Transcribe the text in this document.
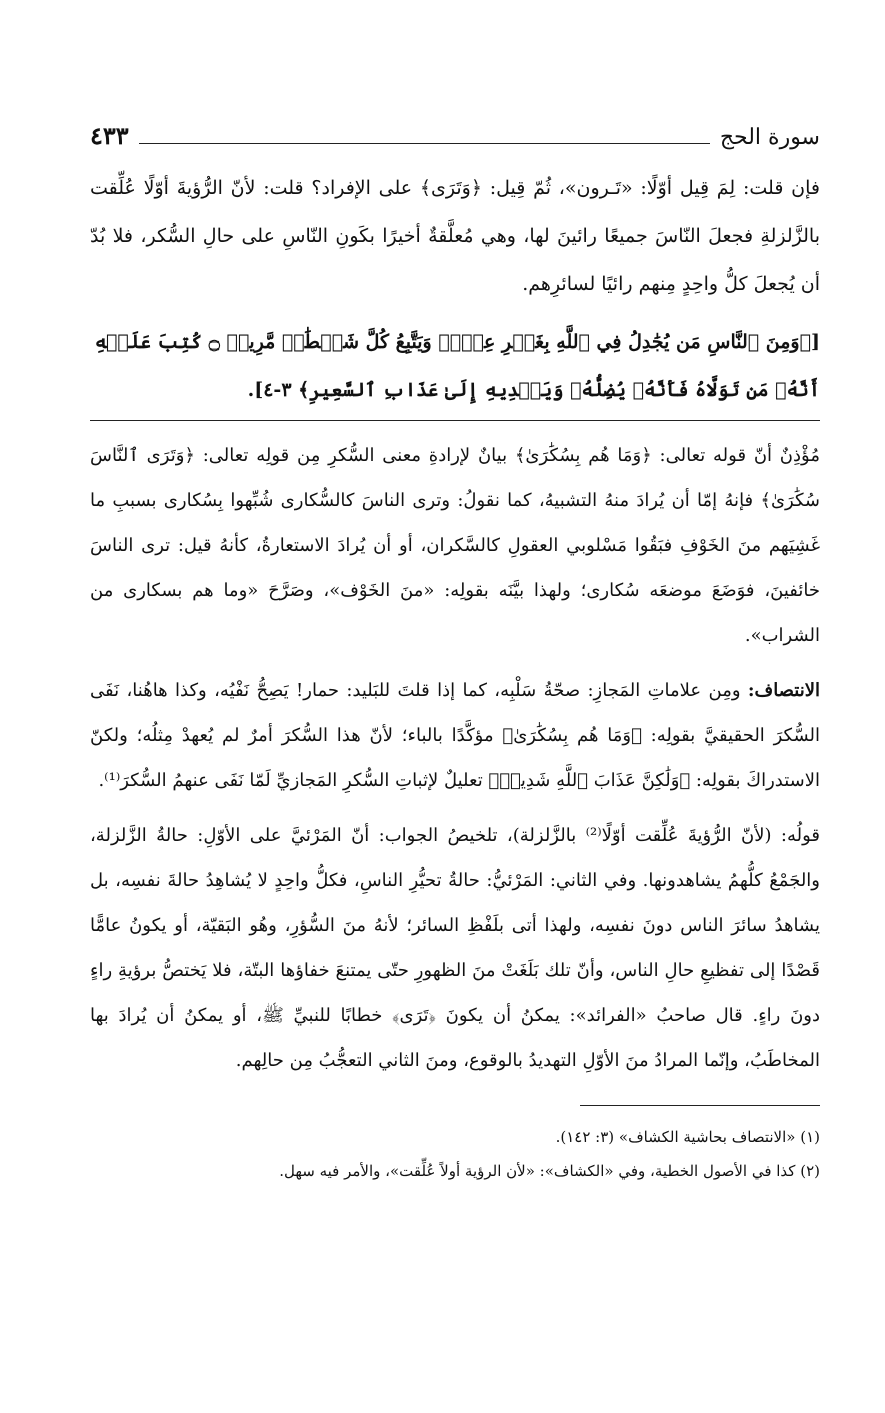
سورة الحج
٤٣٣

فإن قلت: لِمَ قِيل أوّلًا: «تَـرون»، ثُمّ قِيل: ﴿وَتَرَى﴾ على الإفراد؟ قلت: لأنّ الرُّؤيةَ أوّلًا عُلِّقت بالزَّلزلةِ فجعلَ النّاسَ جميعًا رائينَ لها، وهي مُعلَّقةٌ أخيرًا بكَونِ النّاسِ على حالِ السُّكر، فلا بُدّ أن يُجعلَ كلُّ واحِدٍ مِنهم رائيًا لسائرِهم.

[﴿وَمِنَ ٱلنَّاسِ مَن يُجَٰدِلُ فِي ٱللَّهِ بِغَيۡرِ عِلۡمٖ وَيَتَّبِعُ كُلَّ شَيۡطَٰنٖ مَّرِيدٖ ۝ كُتِبَ عَلَيۡهِ أَنَّهُۥ مَن تَوَلَّاهُ فَأَنَّهُۥ يُضِلُّهُۥ وَيَهۡدِيهِ إِلَىٰ عَذَابِ ٱلسَّعِيرِ﴾ ٣-٤].

مُؤْذِنٌ أنّ قوله تعالى: ﴿وَمَا هُم بِسُكَٰرَىٰ﴾ بيانٌ لإرادةِ معنى السُّكرِ مِن قولِه تعالى: ﴿وَتَرَى ٱلنَّاسَ سُكَٰرَىٰ﴾ فإنهُ إمّا أن يُرادَ منهُ التشبيهُ، كما نقولُ: وترى الناسَ كالسُّكارى شُبِّهوا بِسُكارى بسببِ ما غَشِيَهم منَ الخَوْفِ فبَقُوا مَسْلوبي العقولِ كالسَّكران، أو أن يُرادَ الاستعارةُ، كأنهُ قيل: ترى الناسَ خائفينَ، فوَضَعَ موضعَه سُكارى؛ ولهذا بيَّنَه بقولِه: «منَ الخَوْف»، وصَرَّحَ «وما هم بسكارى من الشراب».

الانتصاف: ومِن علاماتِ المَجازِ: صحّةُ سَلْبِه، كما إذا قلتَ للبَليد: حمار! يَصِحُّ نَفْيُه، وكذا هاهُنا، نَفَى السُّكرَ الحقيقيَّ بقولِه: ﴿وَمَا هُم بِسُكَٰرَىٰ﴾ مؤكَّدًا بالباء؛ لأنّ هذا السُّكرَ أمرٌ لم يُعهدْ مِثلُه؛ ولكنّ الاستدراكَ بقولِه: ﴿وَلَٰكِنَّ عَذَابَ ٱللَّهِ شَدِيدٞ﴾ تعليلٌ لإثباتِ السُّكرِ المَجازيِّ لَمّا نَفَى عنهمُ السُّكرَ⁽¹⁾.

قولُه: (لأنّ الرُّؤيةَ عُلِّقت أوّلًا⁽²⁾ بالزَّلزلة)، تلخيصُ الجواب: أنّ المَرْئيَّ على الأوّلِ: حالةُ الزَّلزلة، والجَمْعُ كلُّهمُ يشاهدونها. وفي الثاني: المَرْئيُّ: حالةُ تحيُّرِ الناسِ، فكلُّ واحِدٍ لا يُشاهِدُ حالةَ نفسِه، بل يشاهدُ سائرَ الناس دونَ نفسِه، ولهذا أتى بلَفْظِ السائر؛ لأنهُ منَ السُّؤرِ، وهُو البَقيّة، أو يكونُ عامًّا قَصْدًا إلى تفظيعِ حالِ الناس، وأنّ تلك بَلَغَتْ منَ الظهورِ حتّى يمتنعَ خفاؤها البتّة، فلا يَختصُّ برؤيةِ راءٍ دونَ راءٍ. قال صاحبُ «الفرائد»: يمكنُ أن يكونَ ﴿تَرَى﴾ خطابًا للنبيِّ ﷺ، أو يمكنُ أن يُرادَ بها المخاطَبُ، وإنّما المرادُ منَ الأوّلِ التهديدُ بالوقوع، ومنَ الثاني التعجُّبُ مِن حالِهم.

(١) «الانتصاف بحاشية الكشاف» (٣: ١٤٢).
(٢) كذا في الأصول الخطية، وفي «الكشاف»: «لأن الرؤية أولاً عُلِّقت»، والأمر فيه سهل.
